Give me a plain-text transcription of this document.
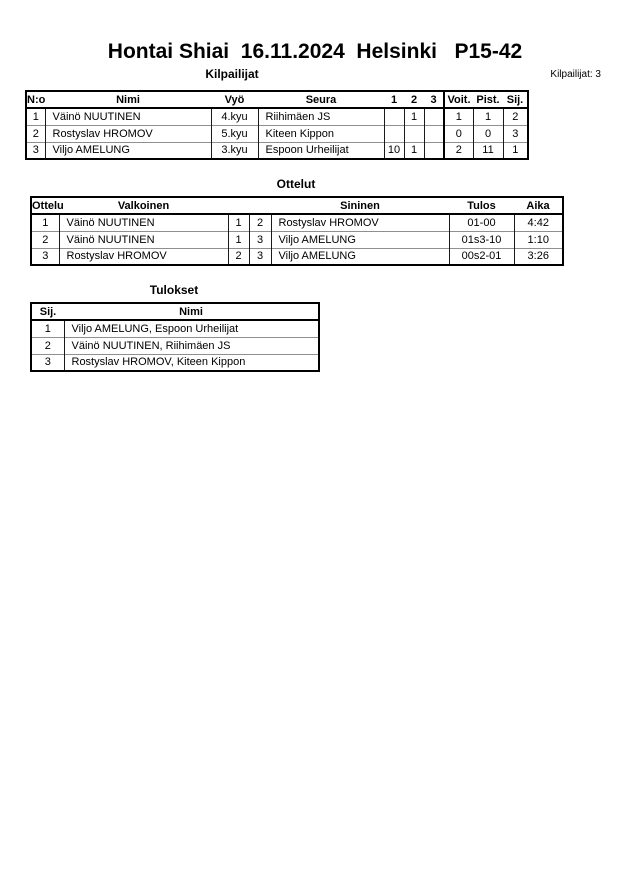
Hontai Shiai  16.11.2024  Helsinki   P15-42
Kilpailijat	Kilpailijat: 3
N:o	Nimi	Vyö	Seura	1	2	3	Voit.	Pist.	Sij.
1	Väinö NUUTINEN	4.kyu	Riihimäen JS		1		1	1	2
2	Rostyslav HROMOV	5.kyu	Kiteen Kippon				0	0	3
3	Viljo AMELUNG	3.kyu	Espoon Urheilijat	10	1		2	11	1
Ottelut
Ottelu	Valkoinen			Sininen	Tulos	Aika
1	Väinö NUUTINEN	1	2	Rostyslav HROMOV	01-00	4:42
2	Väinö NUUTINEN	1	3	Viljo AMELUNG	01s3-10	1:10
3	Rostyslav HROMOV	2	3	Viljo AMELUNG	00s2-01	3:26
Tulokset
Sij.	Nimi
1	Viljo AMELUNG, Espoon Urheilijat
2	Väinö NUUTINEN, Riihimäen JS
3	Rostyslav HROMOV, Kiteen Kippon
